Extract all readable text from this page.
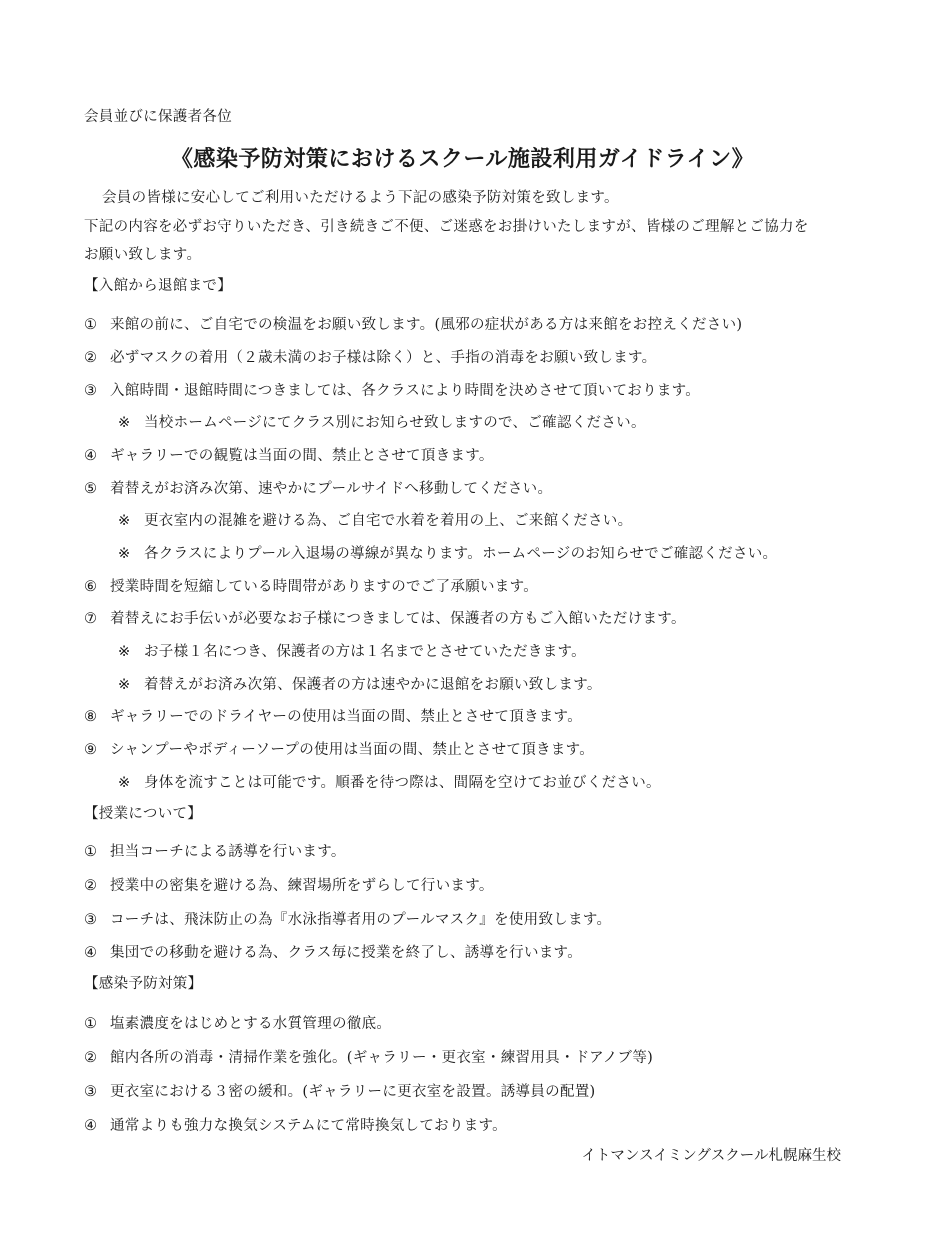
会員並びに保護者各位
《感染予防対策におけるスクール施設利用ガイドライン》
会員の皆様に安心してご利用いただけるよう下記の感染予防対策を致します。
下記の内容を必ずお守りいただき、引き続きご不便、ご迷惑をお掛けいたしますが、皆様のご理解とご協力を
お願い致します。
【入館から退館まで】
① 来館の前に、ご自宅での検温をお願い致します。(風邪の症状がある方は来館をお控えください)
② 必ずマスクの着用（２歳未満のお子様は除く）と、手指の消毒をお願い致します。
③ 入館時間・退館時間につきましては、各クラスにより時間を決めさせて頂いております。
※ 当校ホームページにてクラス別にお知らせ致しますので、ご確認ください。
④ ギャラリーでの観覧は当面の間、禁止とさせて頂きます。
⑤ 着替えがお済み次第、速やかにプールサイドへ移動してください。
※ 更衣室内の混雑を避ける為、ご自宅で水着を着用の上、ご来館ください。
※ 各クラスによりプール入退場の導線が異なります。ホームページのお知らせでご確認ください。
⑥ 授業時間を短縮している時間帯がありますのでご了承願います。
⑦ 着替えにお手伝いが必要なお子様につきましては、保護者の方もご入館いただけます。
※ お子様１名につき、保護者の方は１名までとさせていただきます。
※ 着替えがお済み次第、保護者の方は速やかに退館をお願い致します。
⑧ ギャラリーでのドライヤーの使用は当面の間、禁止とさせて頂きます。
⑨ シャンプーやボディーソープの使用は当面の間、禁止とさせて頂きます。
※ 身体を流すことは可能です。順番を待つ際は、間隔を空けてお並びください。
【授業について】
① 担当コーチによる誘導を行います。
② 授業中の密集を避ける為、練習場所をずらして行います。
③ コーチは、飛沫防止の為『水泳指導者用のプールマスク』を使用致します。
④ 集団での移動を避ける為、クラス毎に授業を終了し、誘導を行います。
【感染予防対策】
① 塩素濃度をはじめとする水質管理の徹底。
② 館内各所の消毒・清掃作業を強化。(ギャラリー・更衣室・練習用具・ドアノブ等)
③ 更衣室における３密の緩和。(ギャラリーに更衣室を設置。誘導員の配置)
④ 通常よりも強力な換気システムにて常時換気しております。
イトマンスイミングスクール札幌麻生校
